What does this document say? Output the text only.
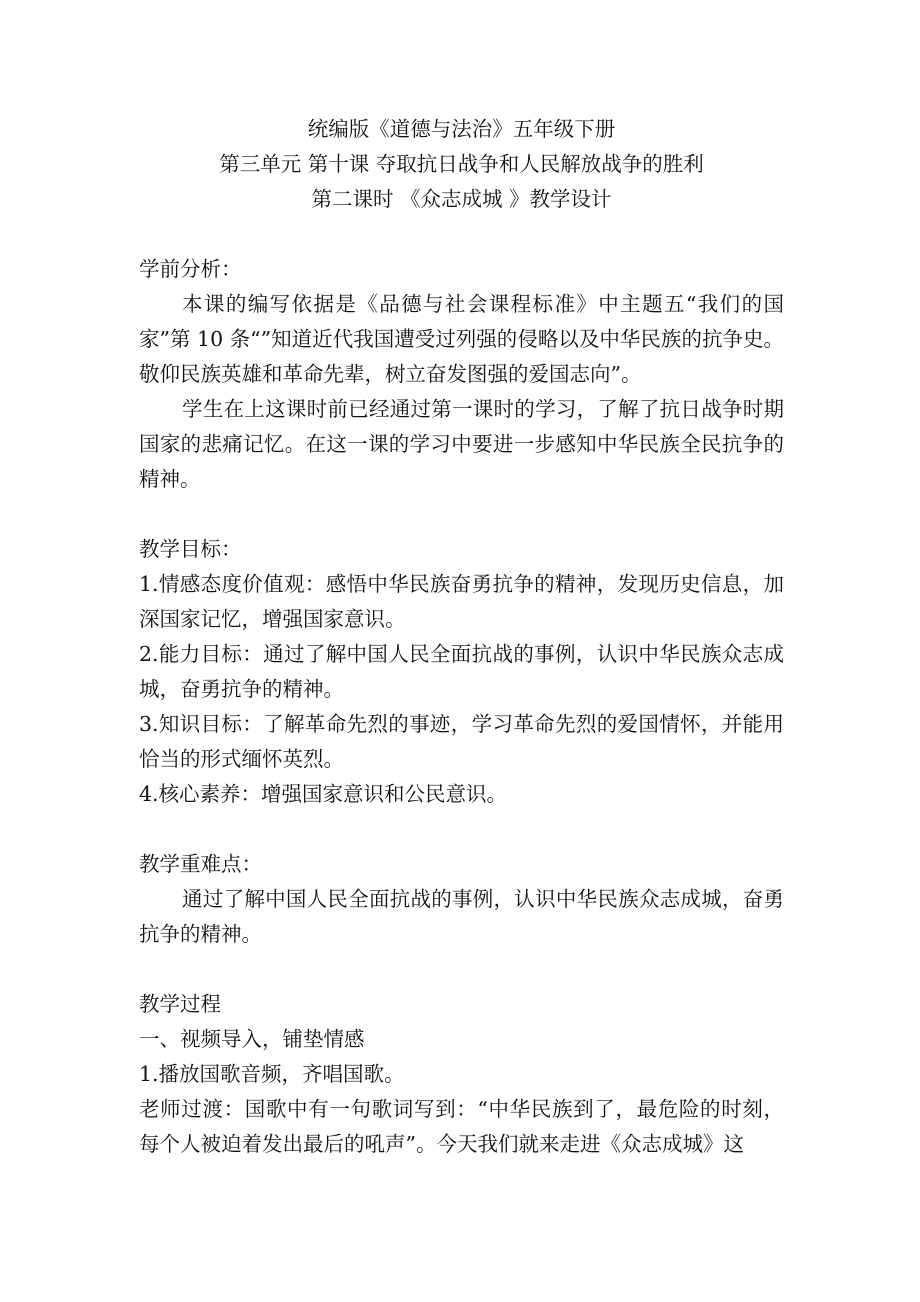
统编版《道德与法治》五年级下册

第三单元 第十课 夺取抗日战争和人民解放战争的胜利

第二课时 《众志成城 》教学设计

学前分析：

本课的编写依据是《品德与社会课程标准》中主题五“我们的国家”第 10 条“”知道近代我国遭受过列强的侵略以及中华民族的抗争史。敬仰民族英雄和革命先辈，树立奋发图强的爱国志向”。

学生在上这课时前已经通过第一课时的学习，了解了抗日战争时期国家的悲痛记忆。在这一课的学习中要进一步感知中华民族全民抗争的精神。

教学目标：

1.情感态度价值观：感悟中华民族奋勇抗争的精神，发现历史信息，加深国家记忆，增强国家意识。

2.能力目标：通过了解中国人民全面抗战的事例，认识中华民族众志成城，奋勇抗争的精神。

3.知识目标：了解革命先烈的事迹，学习革命先烈的爱国情怀，并能用恰当的形式缅怀英烈。

4.核心素养：增强国家意识和公民意识。

教学重难点：

通过了解中国人民全面抗战的事例，认识中华民族众志成城，奋勇抗争的精神。

教学过程

一、视频导入，铺垫情感

1.播放国歌音频，齐唱国歌。

老师过渡：国歌中有一句歌词写到：“中华民族到了，最危险的时刻，每个人被迫着发出最后的吼声”。今天我们就来走进《众志成城》这
